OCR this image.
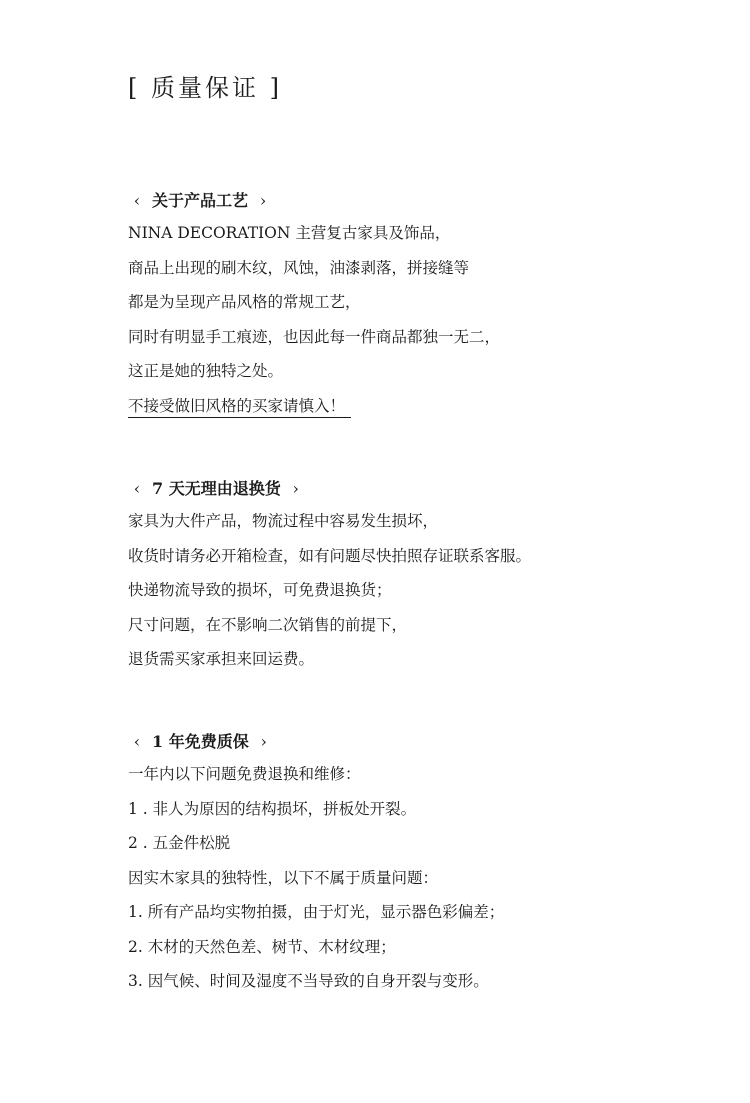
[ 质量保证 ]
‹ 关于产品工艺 ›
NINA DECORATION 主营复古家具及饰品，
商品上出现的刷木纹，风蚀，油漆剥落，拼接缝等
都是为呈现产品风格的常规工艺，
同时有明显手工痕迹，也因此每一件商品都独一无二，
这正是她的独特之处。
不接受做旧风格的买家请慎入！
‹ 7 天无理由退换货 ›
家具为大件产品，物流过程中容易发生损坏，
收货时请务必开箱检查，如有问题尽快拍照存证联系客服。
快递物流导致的损坏，可免费退换货；
尺寸问题，在不影响二次销售的前提下，
退货需买家承担来回运费。
‹ 1 年免费质保 ›
一年内以下问题免费退换和维修：
1 . 非人为原因的结构损坏，拼板处开裂。
2 . 五金件松脱
因实木家具的独特性，以下不属于质量问题：
1. 所有产品均实物拍摄，由于灯光，显示器色彩偏差；
2. 木材的天然色差、树节、木材纹理；
3. 因气候、时间及湿度不当导致的自身开裂与变形。
